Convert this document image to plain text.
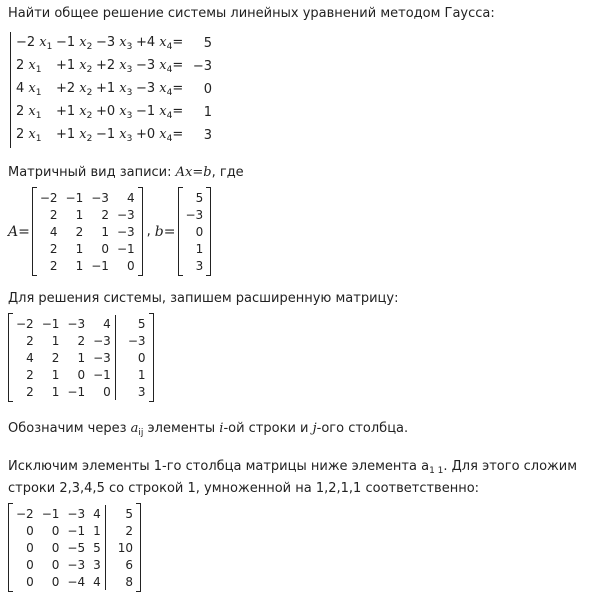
Найти общее решение системы линейных уравнений методом Гаусса:

−2 $x_1 -1$ $x_2 -3$ $x_3 +4$ $x_4=$	5
2 $x_1$	+1 $x_2 +2$ $x_3 -3$ $x_4= -3$
4 $x_1$	+2 $x_2 +1$ $x_3 -3$ $x_4=$	0
2 $x_1$	+1 $x_2 +0$ $x_3 -1$ $x_4=$	1
2 $x_1$	+1 $x_2 -1$ $x_3 +0$ $x_4=$	3

Матричный вид записи: Ax=b, где

A=
−2	−1	−3	4
2	1	2	−3
4	2	1	−3
2	1	0	−1
2	1	−1	0
, b=
5
−3
0
1
3

Для решения системы, запишем расширенную матрицу:

−2	−1	−3	4	5
2	1	2	−3	−3
4	2	1	−3	0
2	1	0	−1	1
2	1	−1	0	3

Обозначим через $a_{ij}$ элементы i-ой строки и j-ого столбца.

Исключим элементы 1-го столбца матрицы ниже элемента $a_{1 1}$. Для этого сложим

строки 2,3,4,5 со строкой 1, умноженной на 1,2,1,1 соответственно:

−2	−1	−3	4	5
0	0	−1	1	2
0	0	−5	5	10
0	0	−3	3	6
0	0	−4	4	8
